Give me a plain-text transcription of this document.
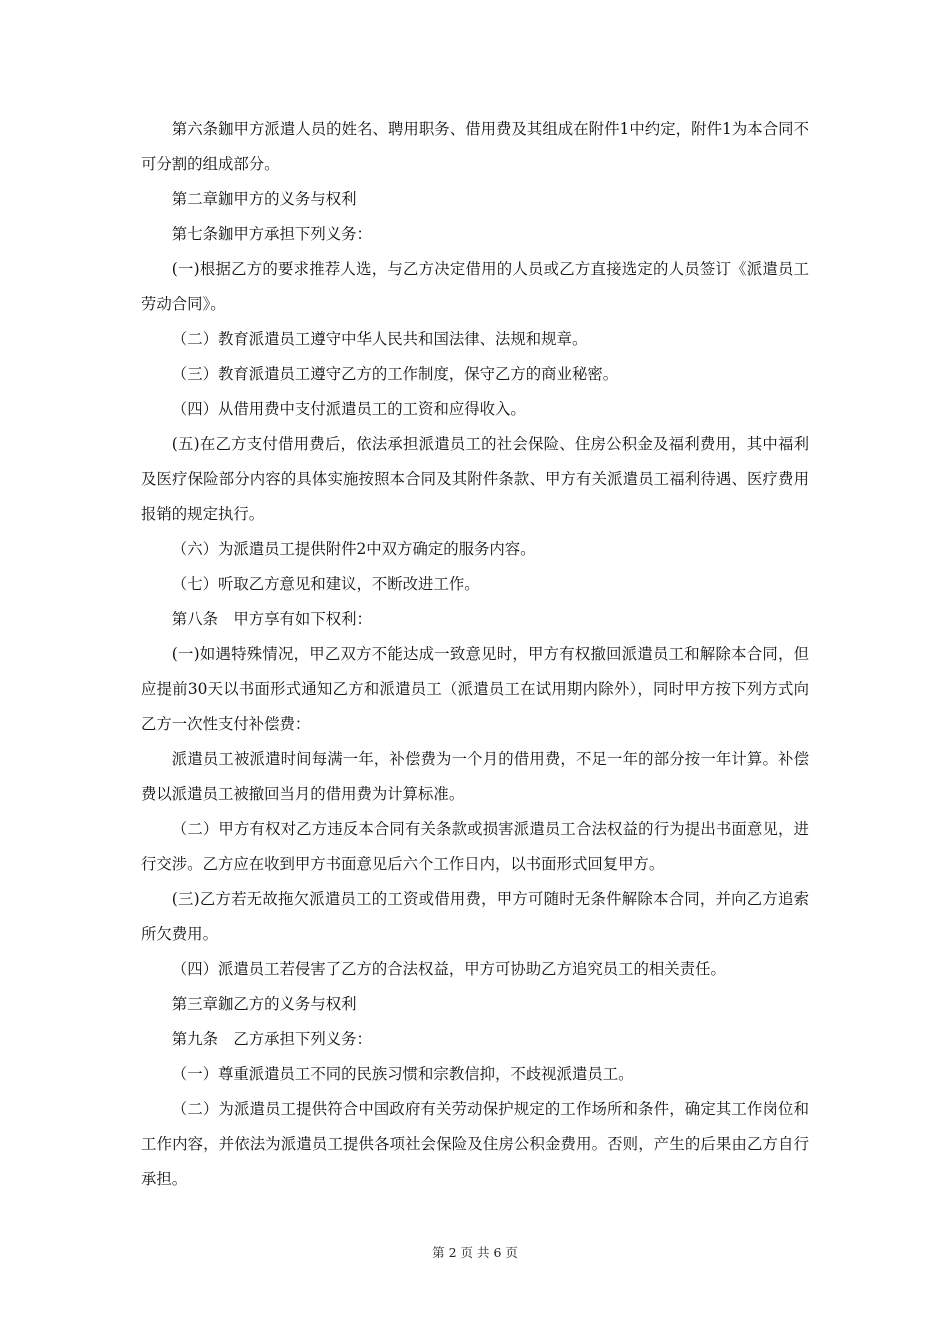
第六条鉫甲方派遣人员的姓名、聘用职务、借用费及其组成在附件1中约定，附件1为本合同不可分割的组成部分。

第二章鉫甲方的义务与权利

第七条鉫甲方承担下列义务：

(一)根据乙方的要求推荐人选，与乙方决定借用的人员或乙方直接选定的人员签订《派遣员工劳动合同》。

（二）教育派遣员工遵守中华人民共和国法律、法规和规章。

（三）教育派遣员工遵守乙方的工作制度，保守乙方的商业秘密。

（四）从借用费中支付派遣员工的工资和应得收入。

(五)在乙方支付借用费后，依法承担派遣员工的社会保险、住房公积金及福利费用，其中福利及医疗保险部分内容的具体实施按照本合同及其附件条款、甲方有关派遣员工福利待遇、医疗费用报销的规定执行。

（六）为派遣员工提供附件2中双方确定的服务内容。

（七）听取乙方意见和建议，不断改进工作。

第八条　甲方享有如下权利：

(一)如遇特殊情况，甲乙双方不能达成一致意见时，甲方有权撤回派遣员工和解除本合同，但应提前30天以书面形式通知乙方和派遣员工（派遣员工在试用期内除外），同时甲方按下列方式向乙方一次性支付补偿费：

派遣员工被派遣时间每满一年，补偿费为一个月的借用费，不足一年的部分按一年计算。补偿费以派遣员工被撤回当月的借用费为计算标准。

（二）甲方有权对乙方违反本合同有关条款或损害派遣员工合法权益的行为提出书面意见，进行交涉。乙方应在收到甲方书面意见后六个工作日内，以书面形式回复甲方。

(三)乙方若无故拖欠派遣员工的工资或借用费，甲方可随时无条件解除本合同，并向乙方追索所欠费用。

（四）派遣员工若侵害了乙方的合法权益，甲方可协助乙方追究员工的相关责任。

第三章鉫乙方的义务与权利

第九条　乙方承担下列义务：

（一）尊重派遣员工不同的民族习惯和宗教信抑，不歧视派遣员工。

（二）为派遣员工提供符合中国政府有关劳动保护规定的工作场所和条件，确定其工作岗位和工作内容，并依法为派遣员工提供各项社会保险及住房公积金费用。否则，产生的后果由乙方自行承担。

第 2 页 共 6 页
